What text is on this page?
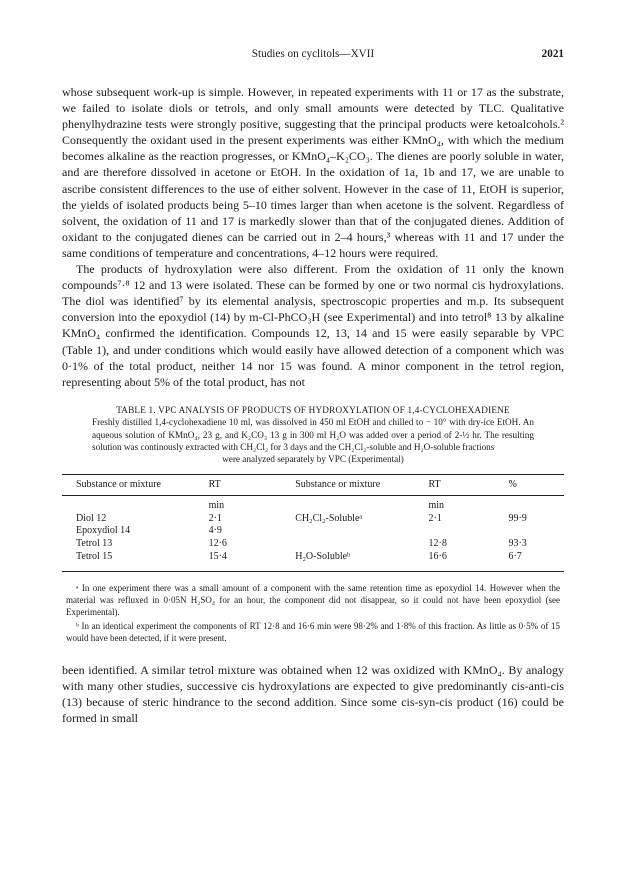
Studies on cyclitols—XVII	2021

whose subsequent work-up is simple. However, in repeated experiments with 11 or 17 as the substrate, we failed to isolate diols or tetrols, and only small amounts were detected by TLC. Qualitative phenylhydrazine tests were strongly positive, suggesting that the principal products were ketoalcohols.² Consequently the oxidant used in the present experiments was either KMnO₄, with which the medium becomes alkaline as the reaction progresses, or KMnO₄–K₂CO₃. The dienes are poorly soluble in water, and are therefore dissolved in acetone or EtOH. In the oxidation of 1a, 1b and 17, we are unable to ascribe consistent differences to the use of either solvent. However in the case of 11, EtOH is superior, the yields of isolated products being 5–10 times larger than when acetone is the solvent. Regardless of solvent, the oxidation of 11 and 17 is markedly slower than that of the conjugated dienes. Addition of oxidant to the conjugated dienes can be carried out in 2–4 hours,³ whereas with 11 and 17 under the same conditions of temperature and concentrations, 4–12 hours were required.

The products of hydroxylation were also different. From the oxidation of 11 only the known compounds⁷·⁸ 12 and 13 were isolated. These can be formed by one or two normal cis hydroxylations. The diol was identified⁷ by its elemental analysis, spectroscopic properties and m.p. Its subsequent conversion into the epoxydiol (14) by m-Cl-PhCO₃H (see Experimental) and into tetrol⁸ 13 by alkaline KMnO₄ confirmed the identification. Compounds 12, 13, 14 and 15 were easily separable by VPC (Table 1), and under conditions which would easily have allowed detection of a component which was 0·1% of the total product, neither 14 nor 15 was found. A minor component in the tetrol region, representing about 5% of the total product, has not

TABLE 1. VPC ANALYSIS OF PRODUCTS OF HYDROXYLATION OF 1,4-CYCLOHEXADIENE
Freshly distilled 1,4-cyclohexadiene 10 ml, was dissolved in 450 ml EtOH and chilled to − 10° with dry-ice EtOH. An aqueous solution of KMnO₄, 23 g, and K₂CO₃ 13 g in 300 ml H₂O was added over a period of 2-½ hr. The resulting solution was continously extracted with CH₂Cl₂ for 3 days and the CH₂Cl₂-soluble and H₂O-soluble fractions
were analyzed separately by VPC (Experimental)
Substance or mixture	RT	Substance or mixture	RT	%
	min		min	
Diol 12	2·1	CH₂Cl₂-Solubleᵃ	2·1	99·9
Epoxydiol 14	4·9			
Tetrol 13	12·6		12·8	93·3
Tetrol 15	15·4	H₂O-Solubleᵇ	16·6	6·7

ᵃ In one experiment there was a small amount of a component with the same retention time as epoxydiol 14. However when the material was refluxed in 0·05N H₂SO₄ for an hour, the component did not disappear, so it could not have been epoxydiol (see Experimental).

ᵇ In an identical experiment the components of RT 12·8 and 16·6 min were 98·2% and 1·8% of this fraction. As little as 0·5% of 15 would have been detected, if it were present.

been identified. A similar tetrol mixture was obtained when 12 was oxidized with KMnO₄. By analogy with many other studies, successive cis hydroxylations are expected to give predominantly cis-anti-cis (13) because of steric hindrance to the second addition. Since some cis-syn-cis product (16) could be formed in small
